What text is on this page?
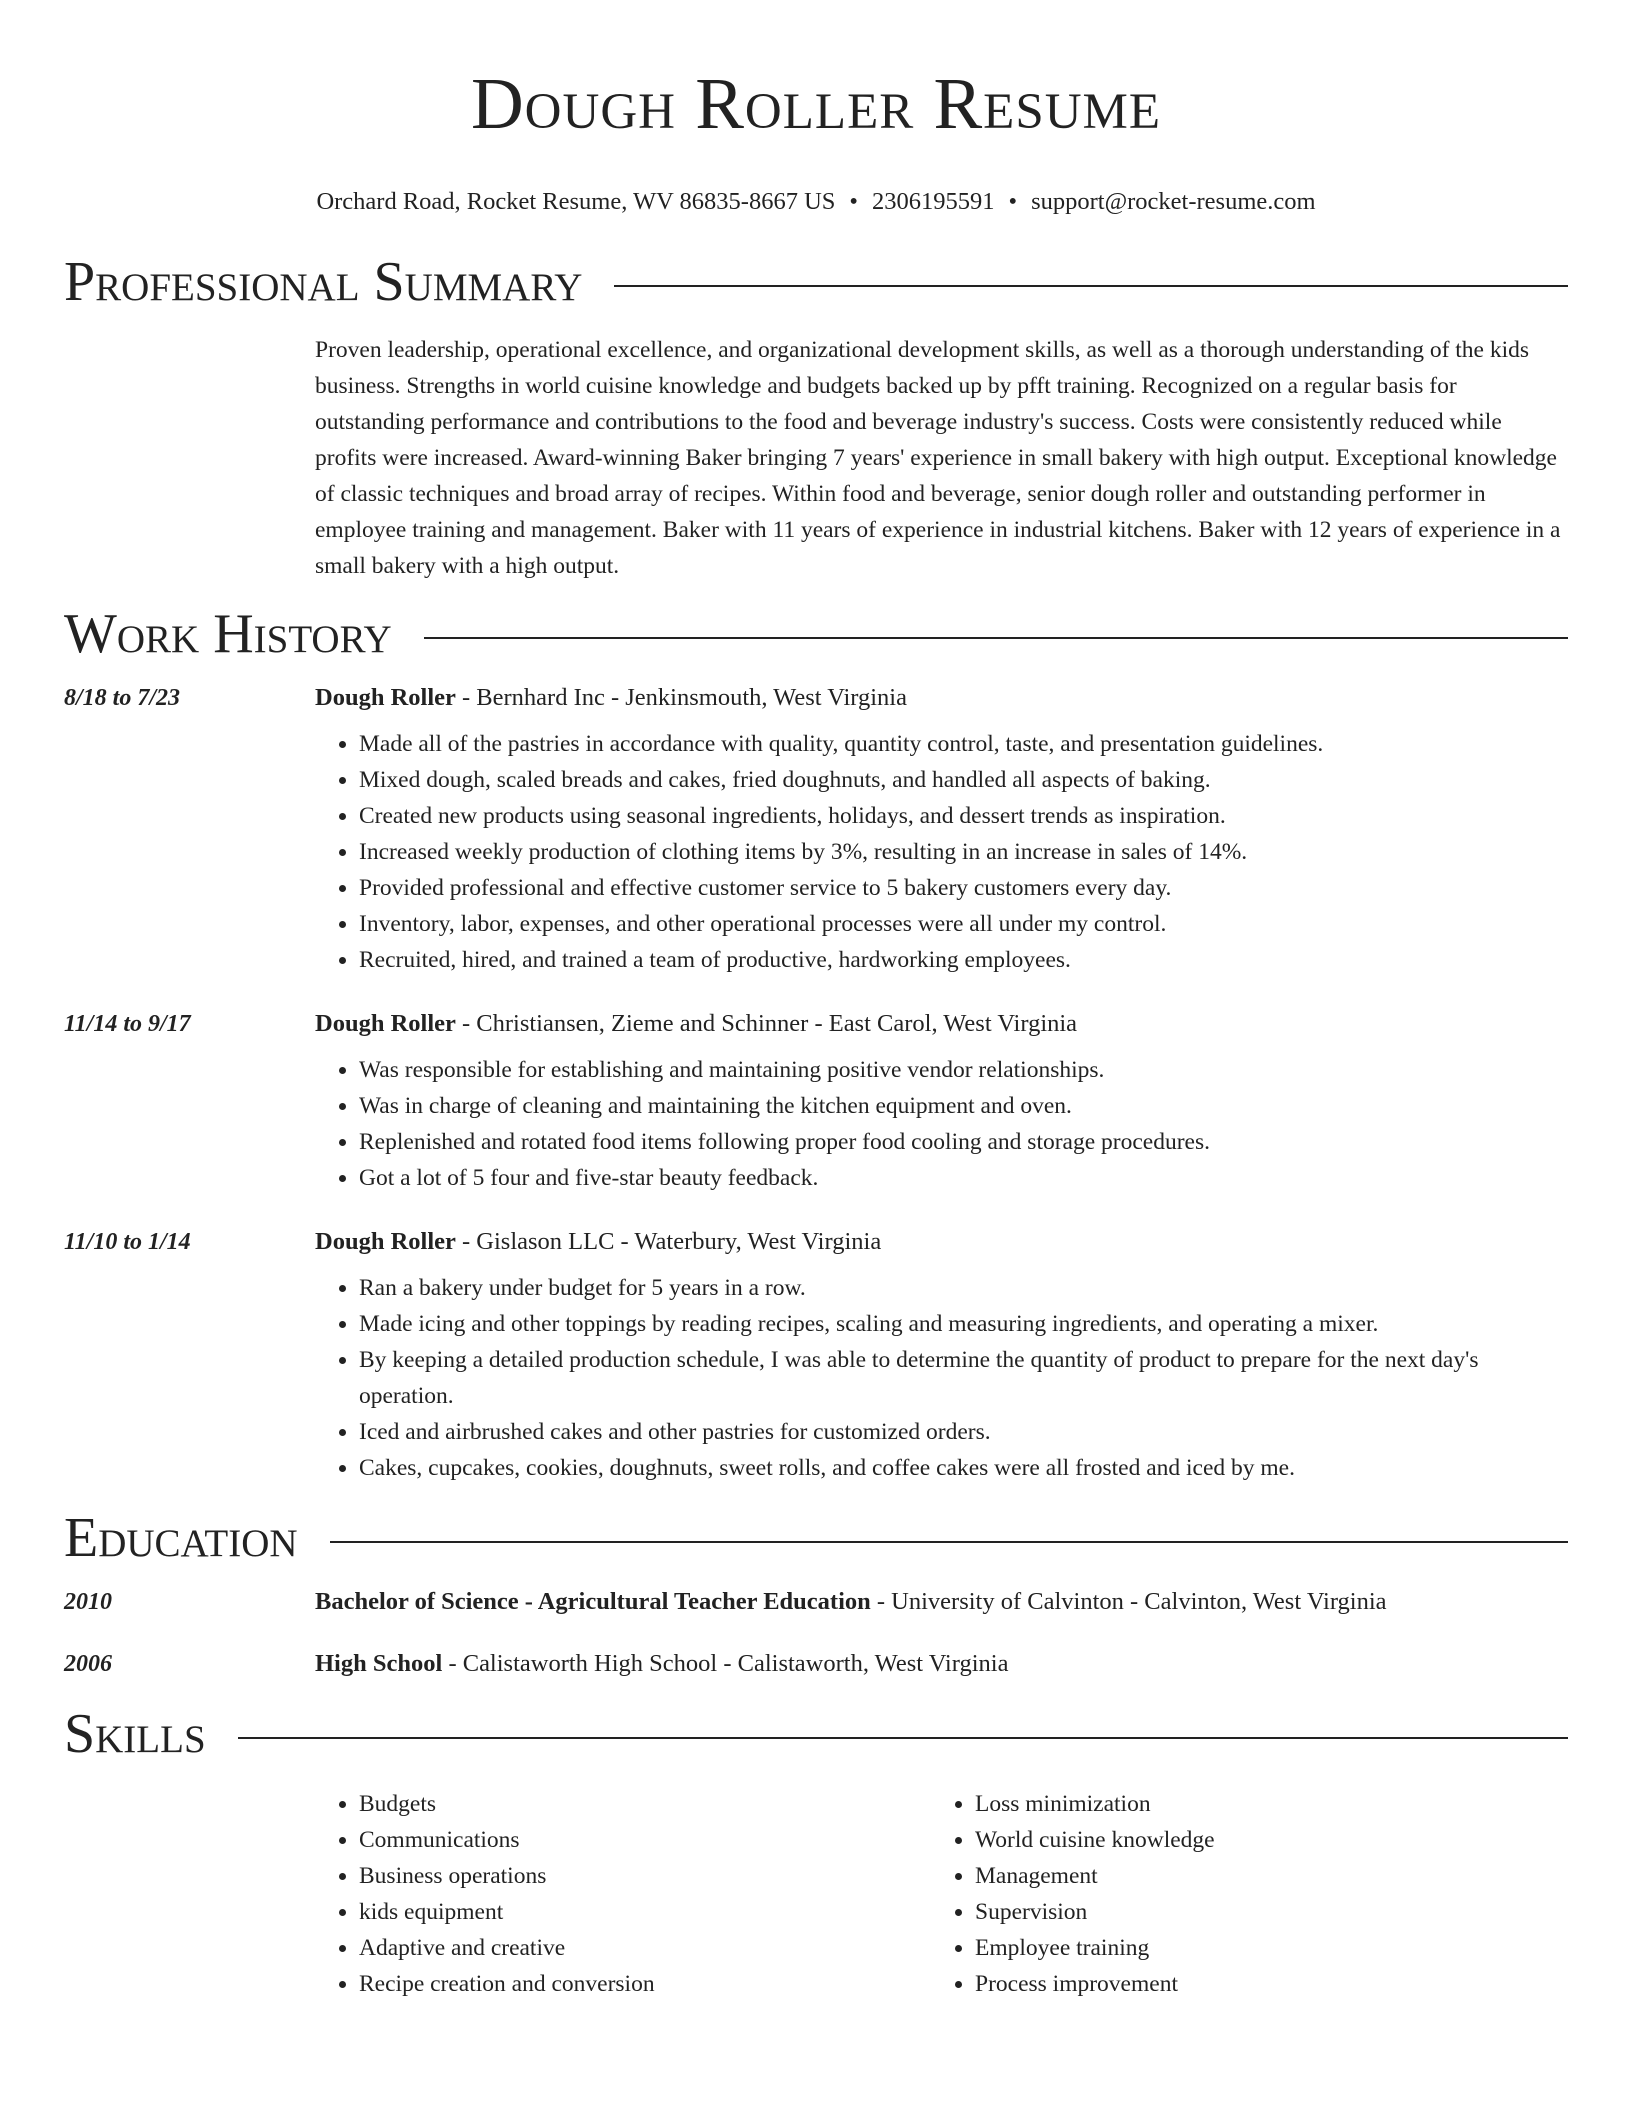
Dough Roller Resume
Orchard Road, Rocket Resume, WV 86835-8667 US • 2306195591 • support@rocket-resume.com
Professional Summary
Proven leadership, operational excellence, and organizational development skills, as well as a thorough understanding of the kids business. Strengths in world cuisine knowledge and budgets backed up by pfft training. Recognized on a regular basis for outstanding performance and contributions to the food and beverage industry's success. Costs were consistently reduced while profits were increased. Award-winning Baker bringing 7 years' experience in small bakery with high output. Exceptional knowledge of classic techniques and broad array of recipes. Within food and beverage, senior dough roller and outstanding performer in employee training and management. Baker with 11 years of experience in industrial kitchens. Baker with 12 years of experience in a small bakery with a high output.
Work History
8/18 to 7/23	Dough Roller - Bernhard Inc - Jenkinsmouth, West Virginia
• Made all of the pastries in accordance with quality, quantity control, taste, and presentation guidelines.
• Mixed dough, scaled breads and cakes, fried doughnuts, and handled all aspects of baking.
• Created new products using seasonal ingredients, holidays, and dessert trends as inspiration.
• Increased weekly production of clothing items by 3%, resulting in an increase in sales of 14%.
• Provided professional and effective customer service to 5 bakery customers every day.
• Inventory, labor, expenses, and other operational processes were all under my control.
• Recruited, hired, and trained a team of productive, hardworking employees.
11/14 to 9/17	Dough Roller - Christiansen, Zieme and Schinner - East Carol, West Virginia
• Was responsible for establishing and maintaining positive vendor relationships.
• Was in charge of cleaning and maintaining the kitchen equipment and oven.
• Replenished and rotated food items following proper food cooling and storage procedures.
• Got a lot of 5 four and five-star beauty feedback.
11/10 to 1/14	Dough Roller - Gislason LLC - Waterbury, West Virginia
• Ran a bakery under budget for 5 years in a row.
• Made icing and other toppings by reading recipes, scaling and measuring ingredients, and operating a mixer.
• By keeping a detailed production schedule, I was able to determine the quantity of product to prepare for the next day's operation.
• Iced and airbrushed cakes and other pastries for customized orders.
• Cakes, cupcakes, cookies, doughnuts, sweet rolls, and coffee cakes were all frosted and iced by me.
Education
2010	Bachelor of Science - Agricultural Teacher Education - University of Calvinton - Calvinton, West Virginia
2006	High School - Calistaworth High School - Calistaworth, West Virginia
Skills
• Budgets
• Communications
• Business operations
• kids equipment
• Adaptive and creative
• Recipe creation and conversion
• Loss minimization
• World cuisine knowledge
• Management
• Supervision
• Employee training
• Process improvement
